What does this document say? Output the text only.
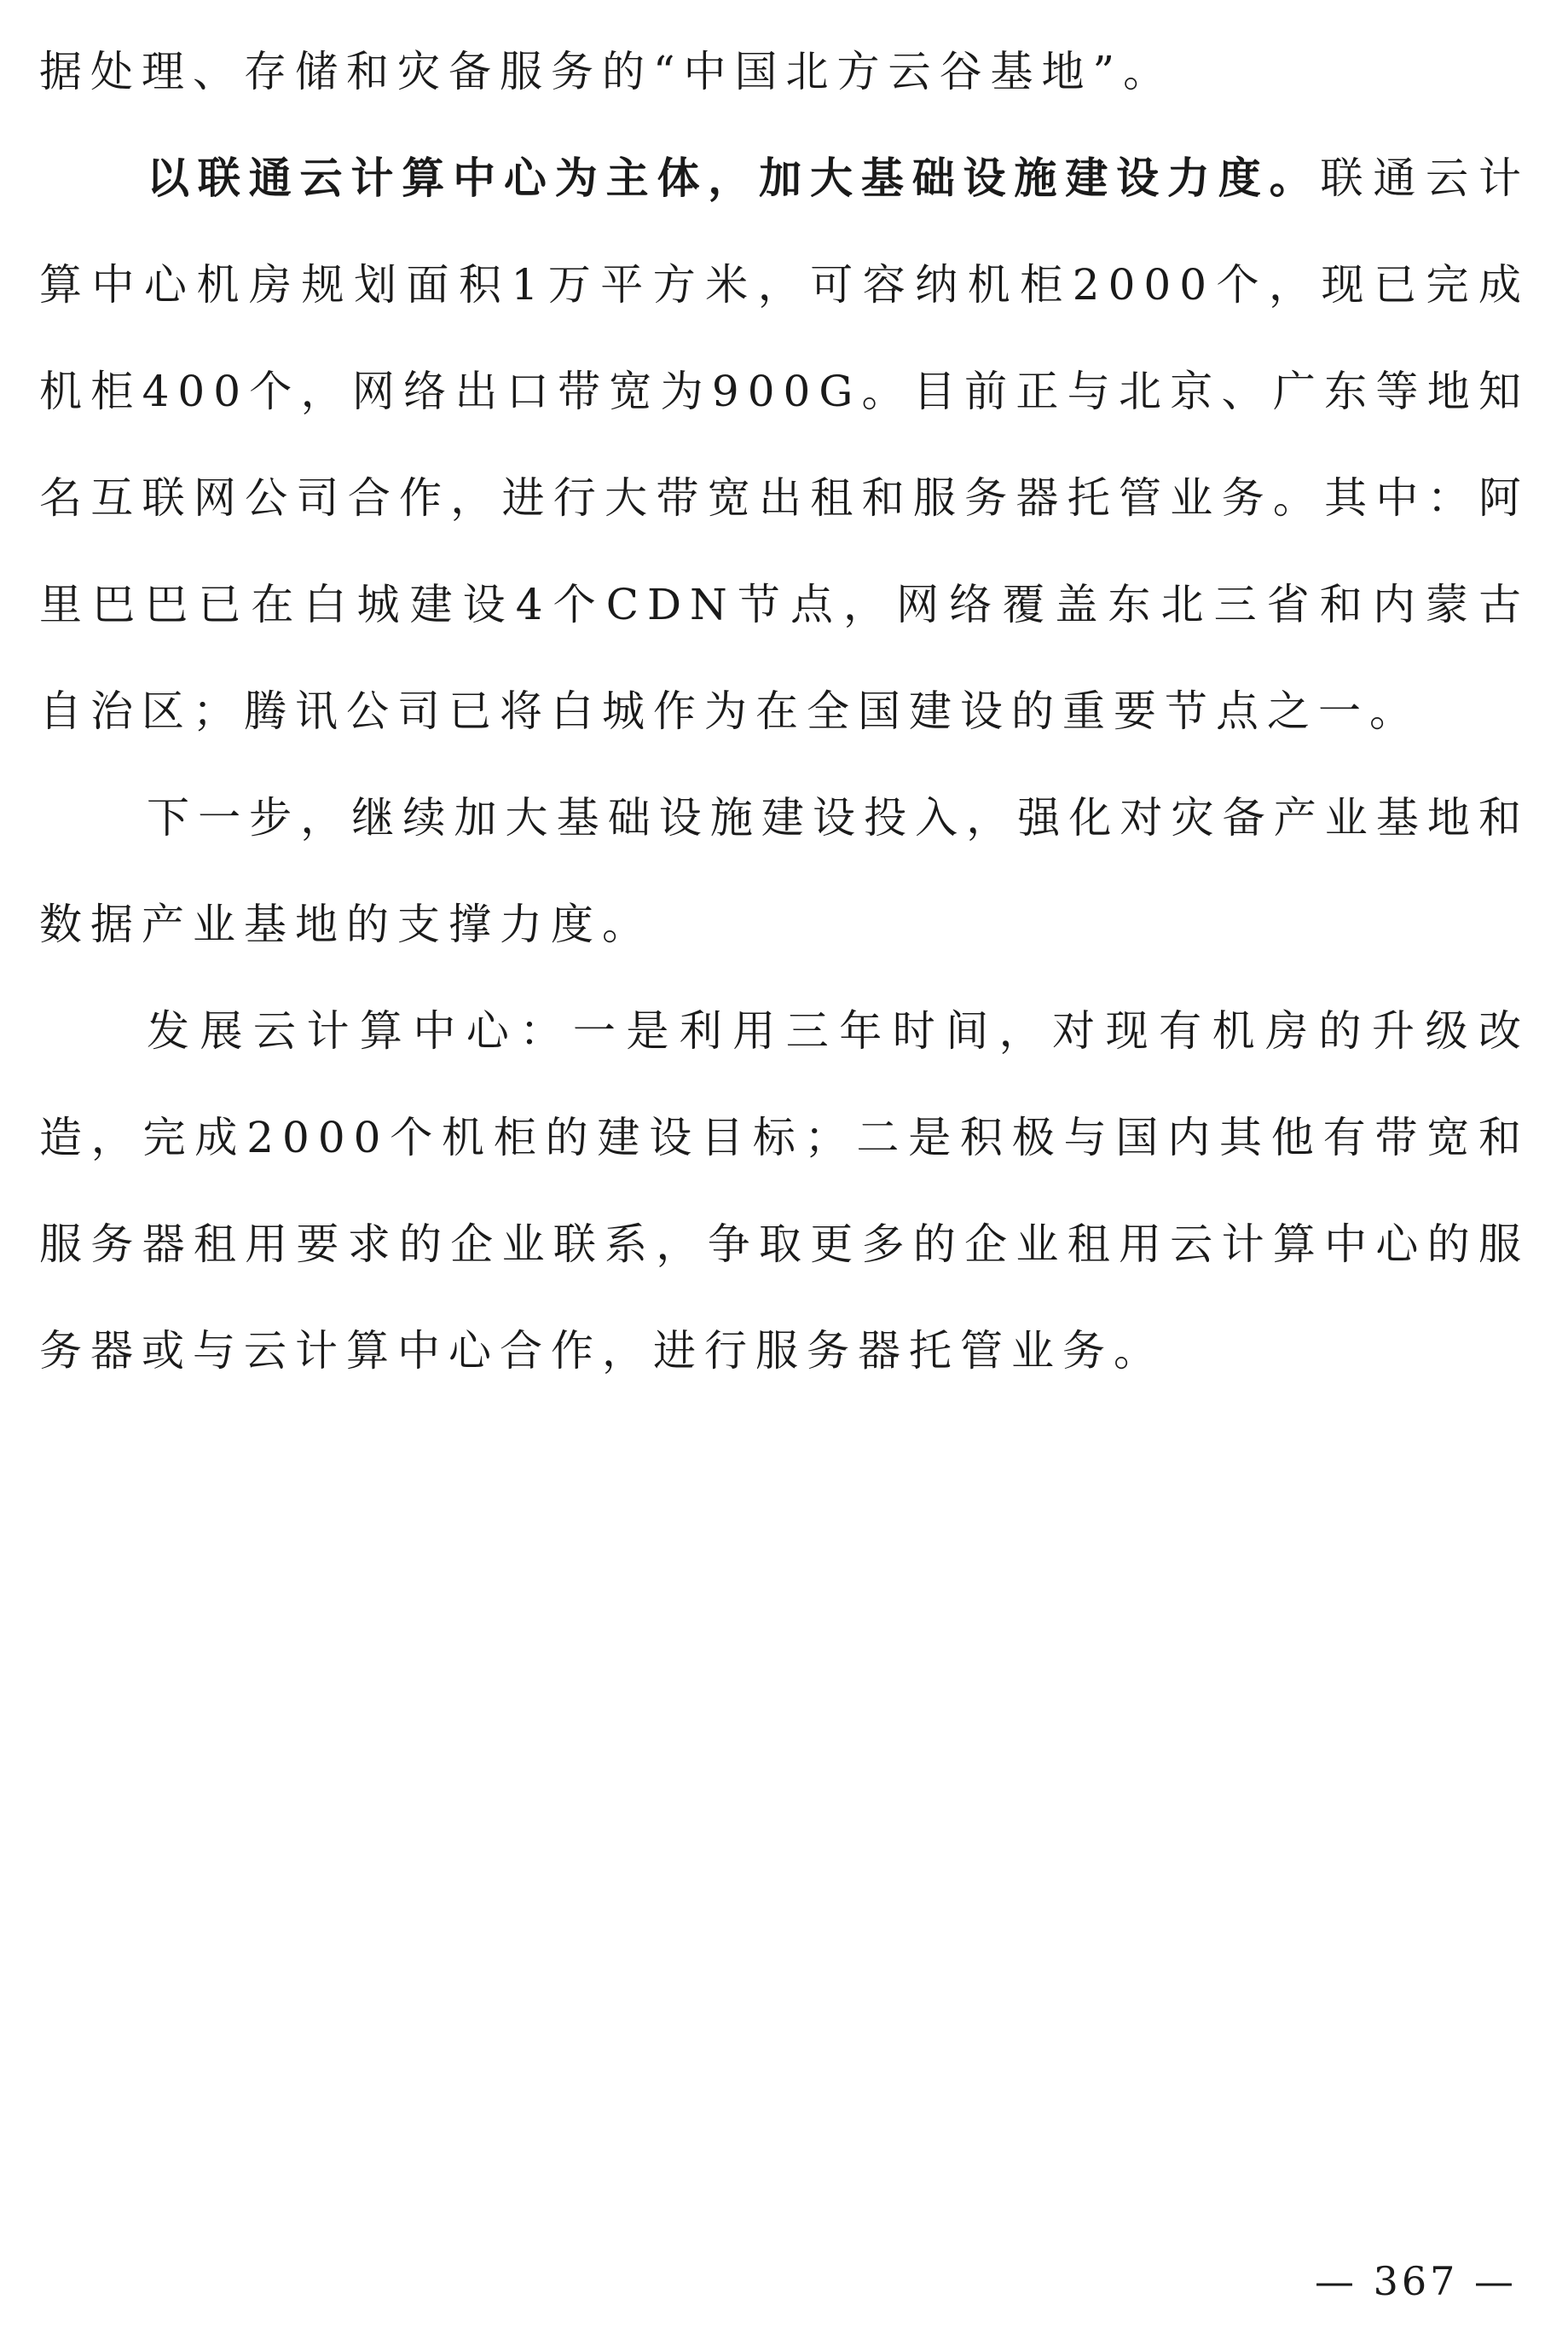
据处理、存储和灾备服务的“中国北方云谷基地”。

以联通云计算中心为主体，加大基础设施建设力度。联通云计算中心机房规划面积1万平方米，可容纳机柜2000个，现已完成机柜400个，网络出口带宽为900G。目前正与北京、广东等地知名互联网公司合作，进行大带宽出租和服务器托管业务。其中：阿里巴巴已在白城建设4个CDN节点，网络覆盖东北三省和内蒙古自治区；腾讯公司已将白城作为在全国建设的重要节点之一。

下一步，继续加大基础设施建设投入，强化对灾备产业基地和数据产业基地的支撑力度。

发展云计算中心：一是利用三年时间，对现有机房的升级改造，完成2000个机柜的建设目标；二是积极与国内其他有带宽和服务器租用要求的企业联系，争取更多的企业租用云计算中心的服务器或与云计算中心合作，进行服务器托管业务。

— 367 —
